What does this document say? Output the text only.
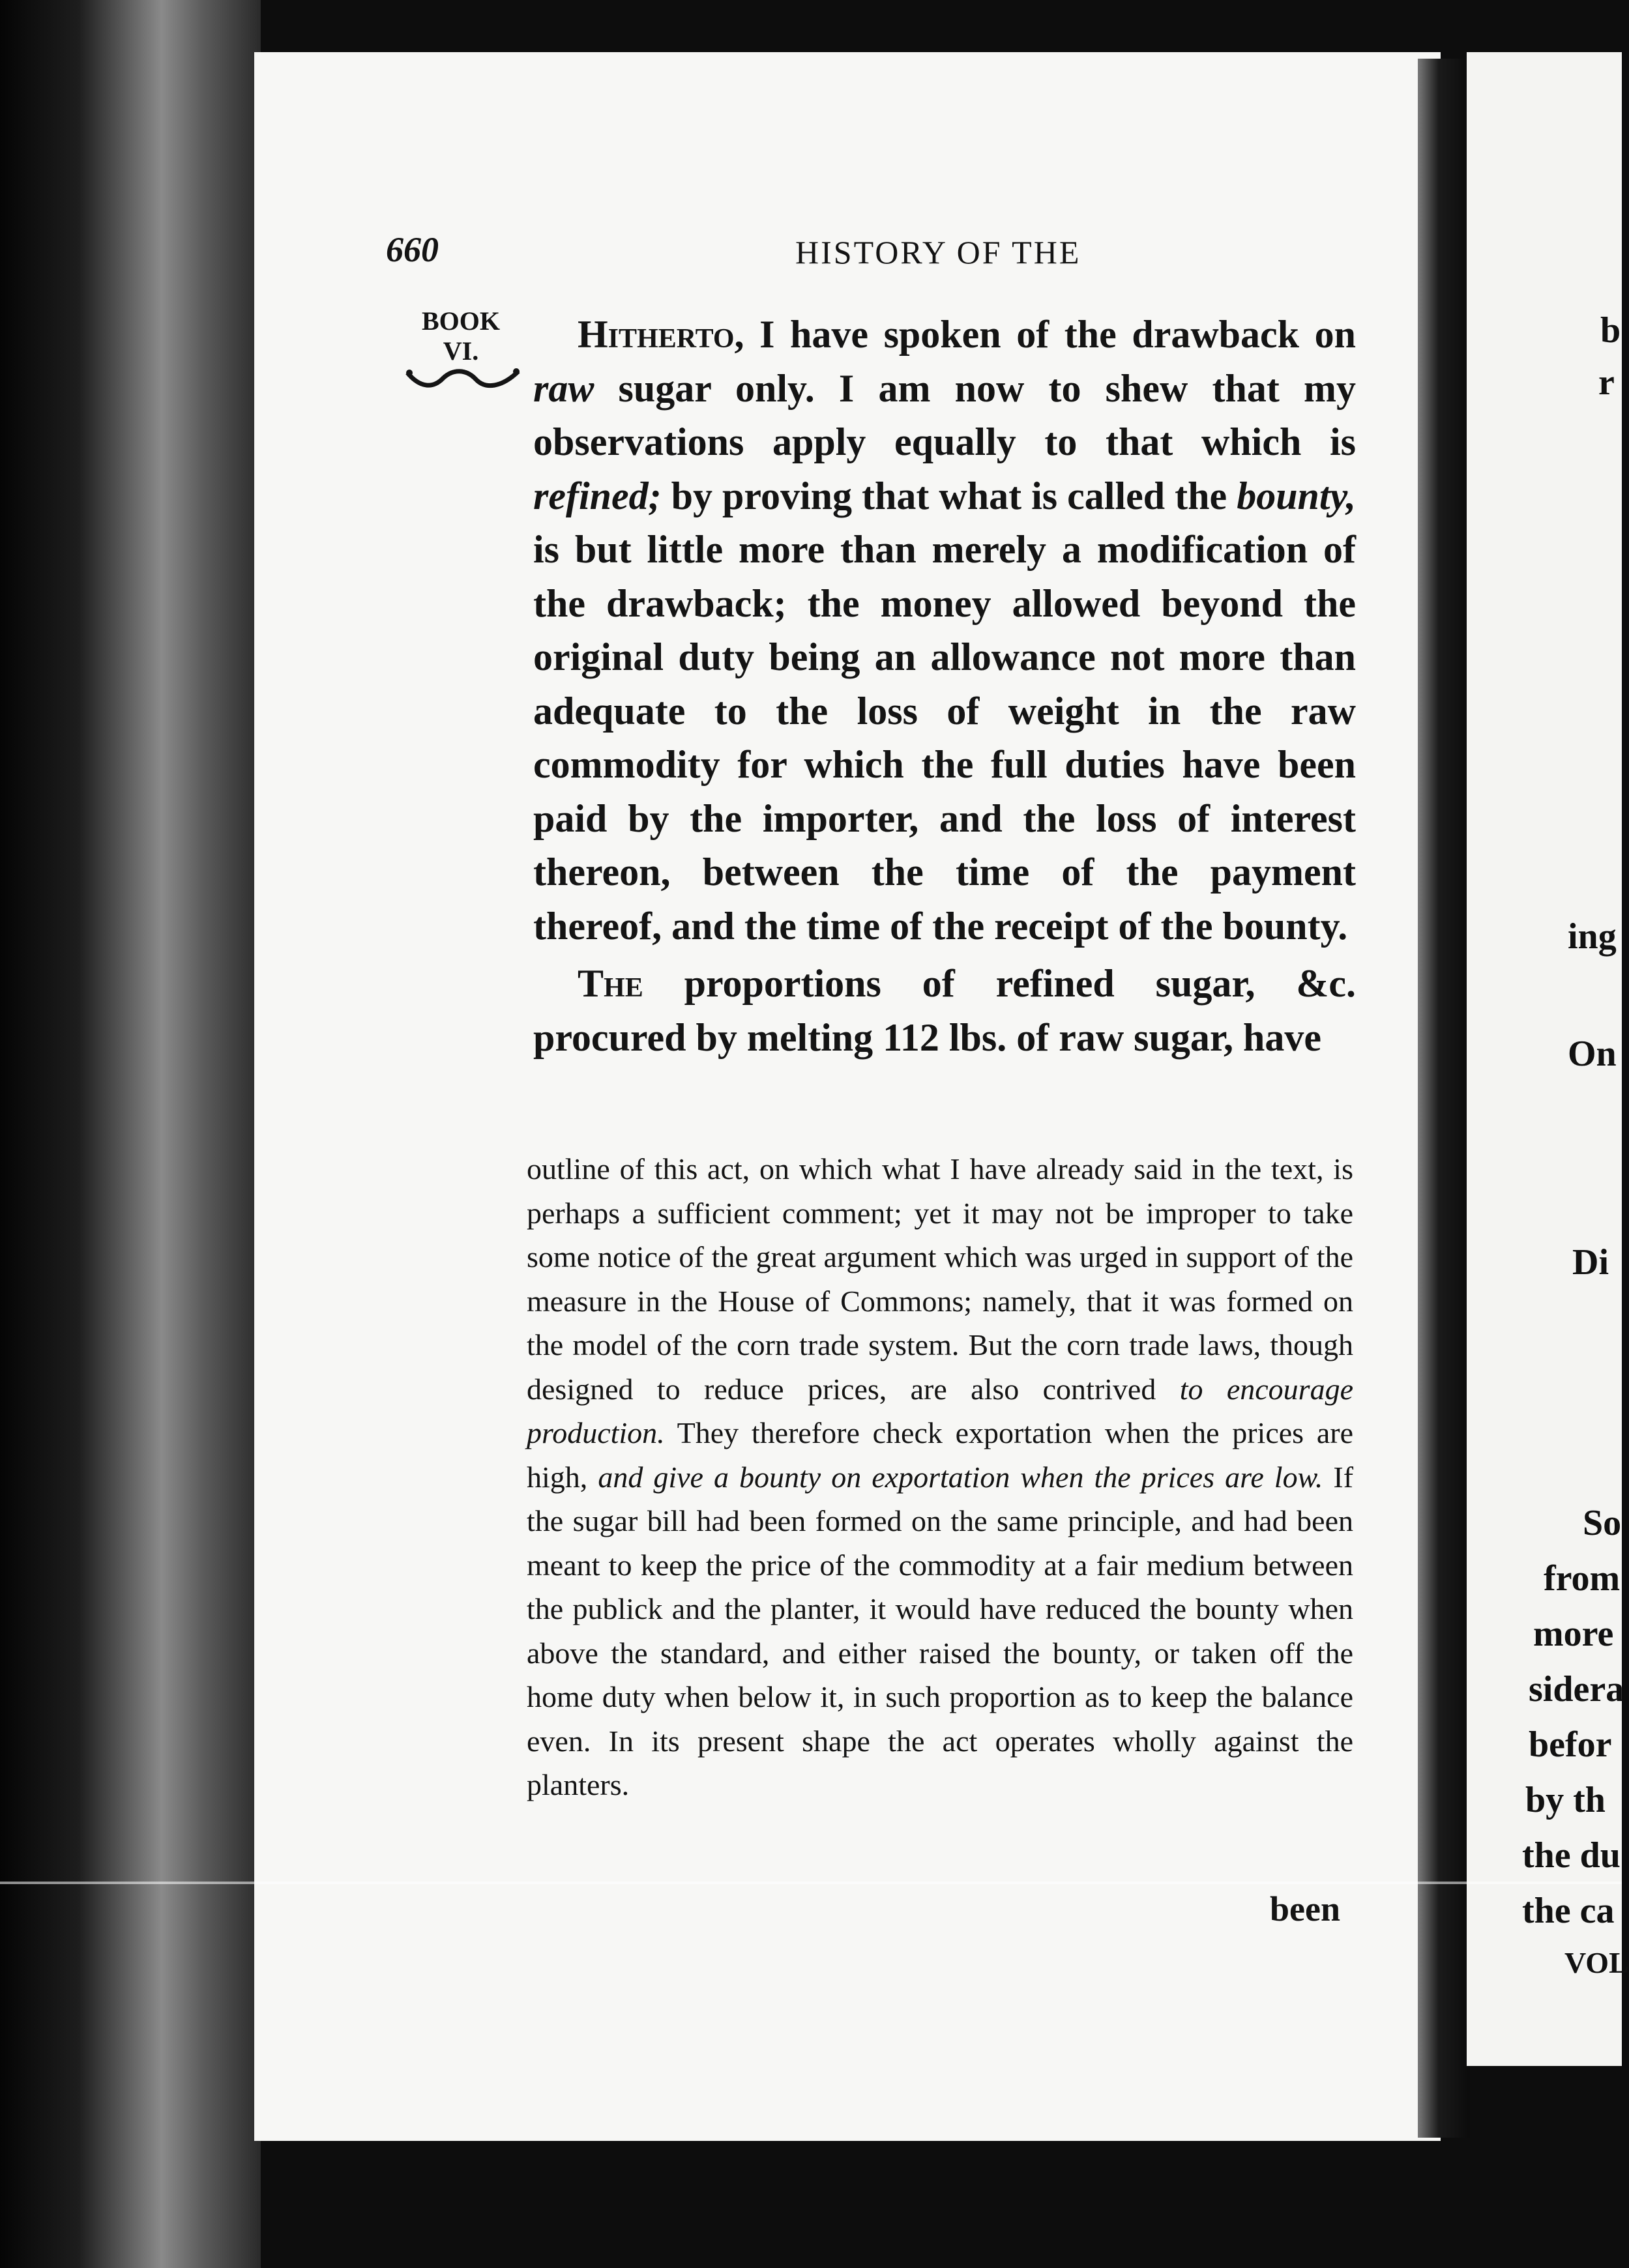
660	HISTORY OF THE
BOOK
VI.	Hitherto, I have spoken of the drawback on raw sugar only. I am now to shew that my observations apply equally to that which is refined; by proving that what is called the bounty, is but little more than merely a modification of the drawback; the money allowed beyond the original duty being an allowance not more than adequate to the loss of weight in the raw commodity for which the full duties have been paid by the importer, and the loss of interest thereon, between the time of the payment thereof, and the time of the receipt of the bounty.

The proportions of refined sugar, &c. procured by melting 112 lbs. of raw sugar, have

outline of this act, on which what I have already said in the text, is perhaps a sufficient comment; yet it may not be improper to take some notice of the great argument which was urged in support of the measure in the House of Commons; namely, that it was formed on the model of the corn trade system. But the corn trade laws, though designed to reduce prices, are also contrived to encourage production. They therefore check exportation when the prices are high, and give a bounty on exportation when the prices are low. If the sugar bill had been formed on the same principle, and had been meant to keep the price of the commodity at a fair medium between the publick and the planter, it would have reduced the bounty when above the standard, and either raised the bounty, or taken off the home duty when below it, in such proportion as to keep the balance even. In its present shape the act operates wholly against the planters.

been
b
r
ing
On
Di
So
from
more
sidera
befor
by th
the du
the ca
VOL
